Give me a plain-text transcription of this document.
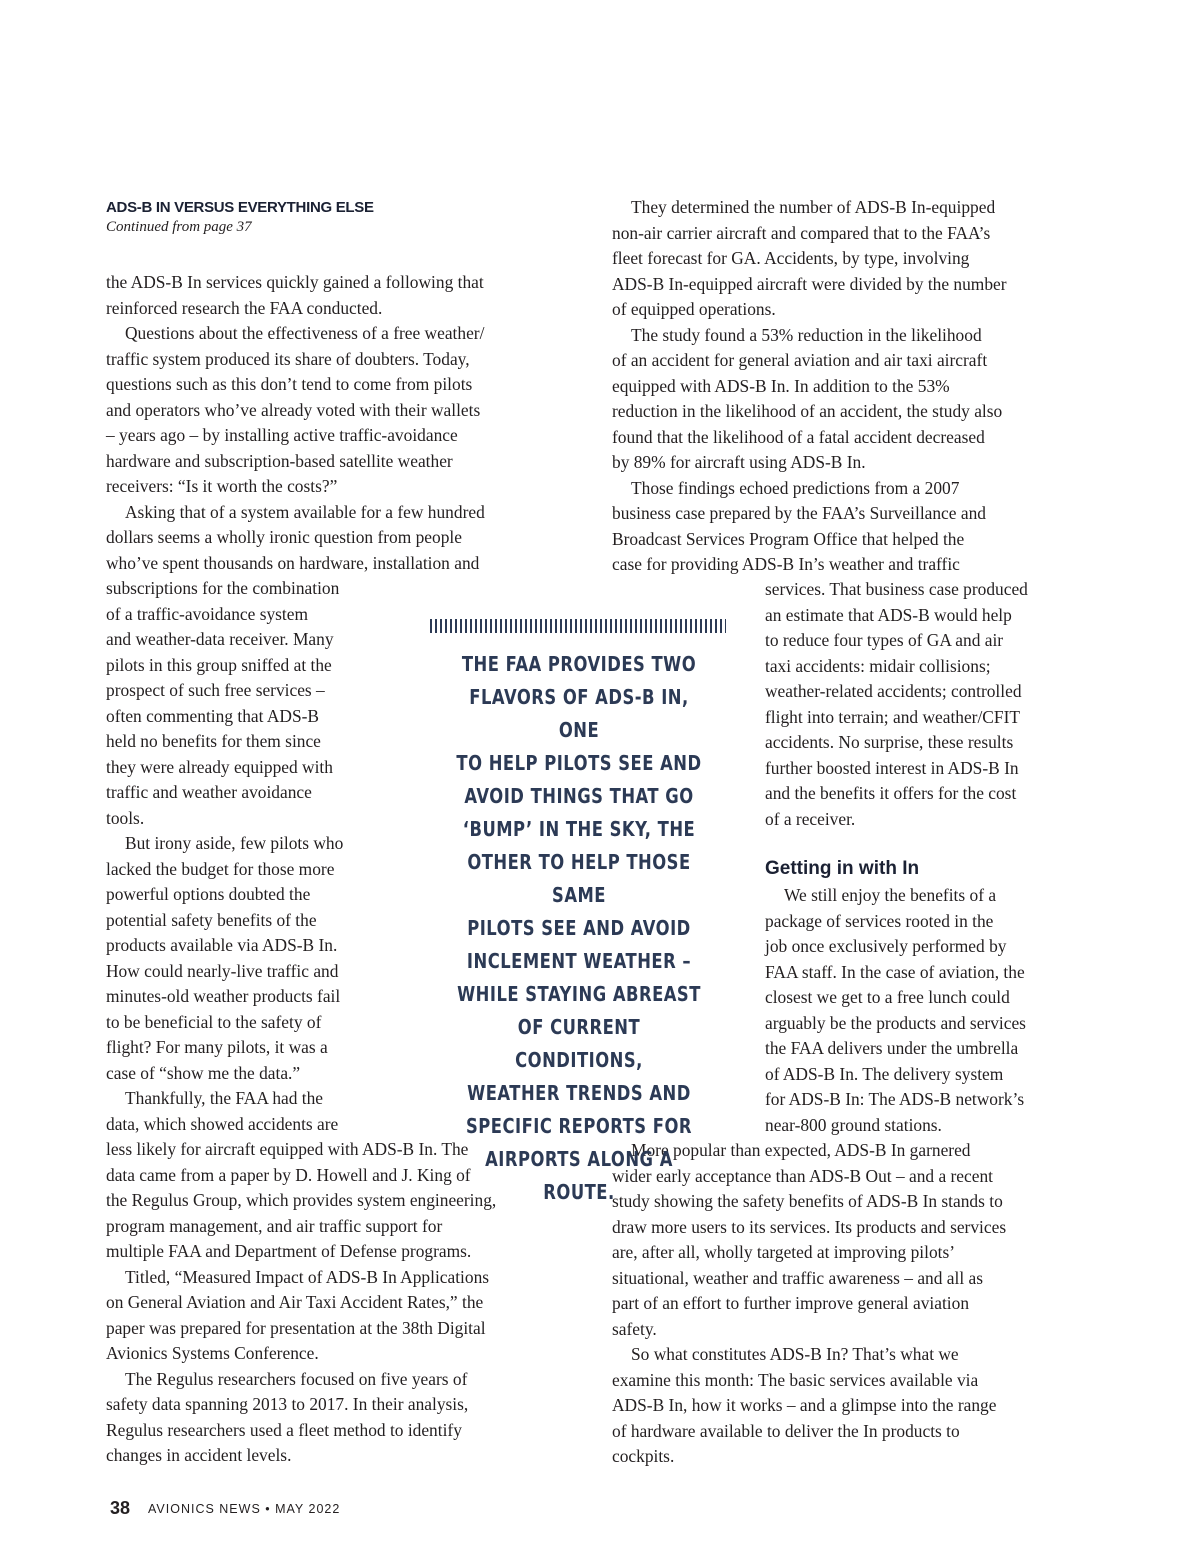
ADS-B IN VERSUS EVERYTHING ELSE
Continued from page 37
the ADS-B In services quickly gained a following that
reinforced research the FAA conducted.
Questions about the effectiveness of a free weather/
traffic system produced its share of doubters. Today,
questions such as this don’t tend to come from pilots
and operators who’ve already voted with their wallets
– years ago – by installing active traffic-avoidance
hardware and subscription-based satellite weather
receivers: “Is it worth the costs?”
Asking that of a system available for a few hundred
dollars seems a wholly ironic question from people
who’ve spent thousands on hardware, installation and
subscriptions for the combination
of a traffic-avoidance system
and weather-data receiver. Many
pilots in this group sniffed at the
prospect of such free services –
often commenting that ADS-B
held no benefits for them since
they were already equipped with
traffic and weather avoidance
tools.
But irony aside, few pilots who
lacked the budget for those more
powerful options doubted the
potential safety benefits of the
products available via ADS-B In.
How could nearly-live traffic and
minutes-old weather products fail
to be beneficial to the safety of
flight? For many pilots, it was a
case of “show me the data.”
Thankfully, the FAA had the
data, which showed accidents are
less likely for aircraft equipped with ADS-B In. The
data came from a paper by D. Howell and J. King of
the Regulus Group, which provides system engineering,
program management, and air traffic support for
multiple FAA and Department of Defense programs.
Titled, “Measured Impact of ADS-B In Applications
on General Aviation and Air Taxi Accident Rates,” the
paper was prepared for presentation at the 38th Digital
Avionics Systems Conference.
The Regulus researchers focused on five years of
safety data spanning 2013 to 2017. In their analysis,
Regulus researchers used a fleet method to identify
changes in accident levels.
They determined the number of ADS-B In-equipped
non-air carrier aircraft and compared that to the FAA’s
fleet forecast for GA. Accidents, by type, involving
ADS-B In-equipped aircraft were divided by the number
of equipped operations.
The study found a 53% reduction in the likelihood
of an accident for general aviation and air taxi aircraft
equipped with ADS-B In. In addition to the 53%
reduction in the likelihood of an accident, the study also
found that the likelihood of a fatal accident decreased
by 89% for aircraft using ADS-B In.
Those findings echoed predictions from a 2007
business case prepared by the FAA’s Surveillance and
Broadcast Services Program Office that helped the
case for providing ADS-B In’s weather and traffic
services. That business case produced
an estimate that ADS-B would help
to reduce four types of GA and air
taxi accidents: midair collisions;
weather-related accidents; controlled
flight into terrain; and weather/CFIT
accidents. No surprise, these results
further boosted interest in ADS-B In
and the benefits it offers for the cost
of a receiver.
We still enjoy the benefits of a
package of services rooted in the
job once exclusively performed by
FAA staff. In the case of aviation, the
closest we get to a free lunch could
arguably be the products and services
the FAA delivers under the umbrella
of ADS-B In. The delivery system
for ADS-B In: The ADS-B network’s
near-800 ground stations.
More popular than expected, ADS-B In garnered
wider early acceptance than ADS-B Out – and a recent
study showing the safety benefits of ADS-B In stands to
draw more users to its services. Its products and services
are, after all, wholly targeted at improving pilots’
situational, weather and traffic awareness – and all as
part of an effort to further improve general aviation
safety.
So what constitutes ADS-B In? That’s what we
examine this month: The basic services available via
ADS-B In, how it works – and a glimpse into the range
of hardware available to deliver the In products to
cockpits.
THE FAA PROVIDES TWO
FLAVORS OF ADS-B IN, ONE
TO HELP PILOTS SEE AND
AVOID THINGS THAT GO
‘BUMP’ IN THE SKY, THE
OTHER TO HELP THOSE SAME
PILOTS SEE AND AVOID
INCLEMENT WEATHER –
WHILE STAYING ABREAST
OF CURRENT CONDITIONS,
WEATHER TRENDS AND
SPECIFIC REPORTS FOR
AIRPORTS ALONG A ROUTE.
Getting in with In
38 AVIONICS NEWS • MAY 2022
